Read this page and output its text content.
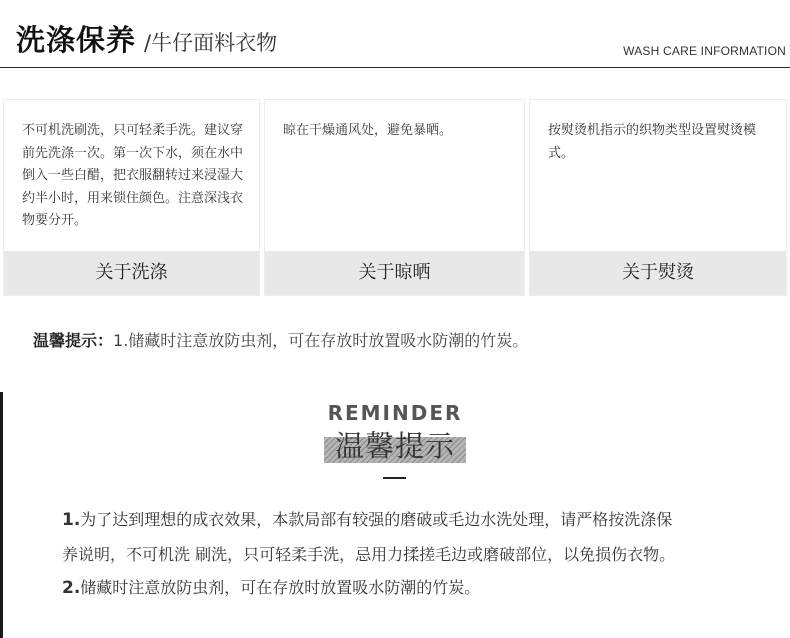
洗涤保养 /牛仔面料衣物	WASH CARE INFORMATION
不可机洗刷洗，只可轻柔手洗。建议穿前先洗涤一次。第一次下水，须在水中倒入一些白醋，把衣服翻转过来浸湿大约半小时，用来锁住颜色。注意深浅衣物要分开。
关于洗涤
晾在干燥通风处，避免暴晒。
关于晾晒
按熨烫机指示的织物类型设置熨烫模式。
关于熨烫
温馨提示：1.储藏时注意放防虫剂，可在存放时放置吸水防潮的竹炭。
REMINDER
温馨提示

1.为了达到理想的成衣效果，本款局部有较强的磨破或毛边水洗处理，请严格按洗涤保

养说明，不可机洗 刷洗，只可轻柔手洗，忌用力揉搓毛边或磨破部位，以免损伤衣物。

2.储藏时注意放防虫剂，可在存放时放置吸水防潮的竹炭。
